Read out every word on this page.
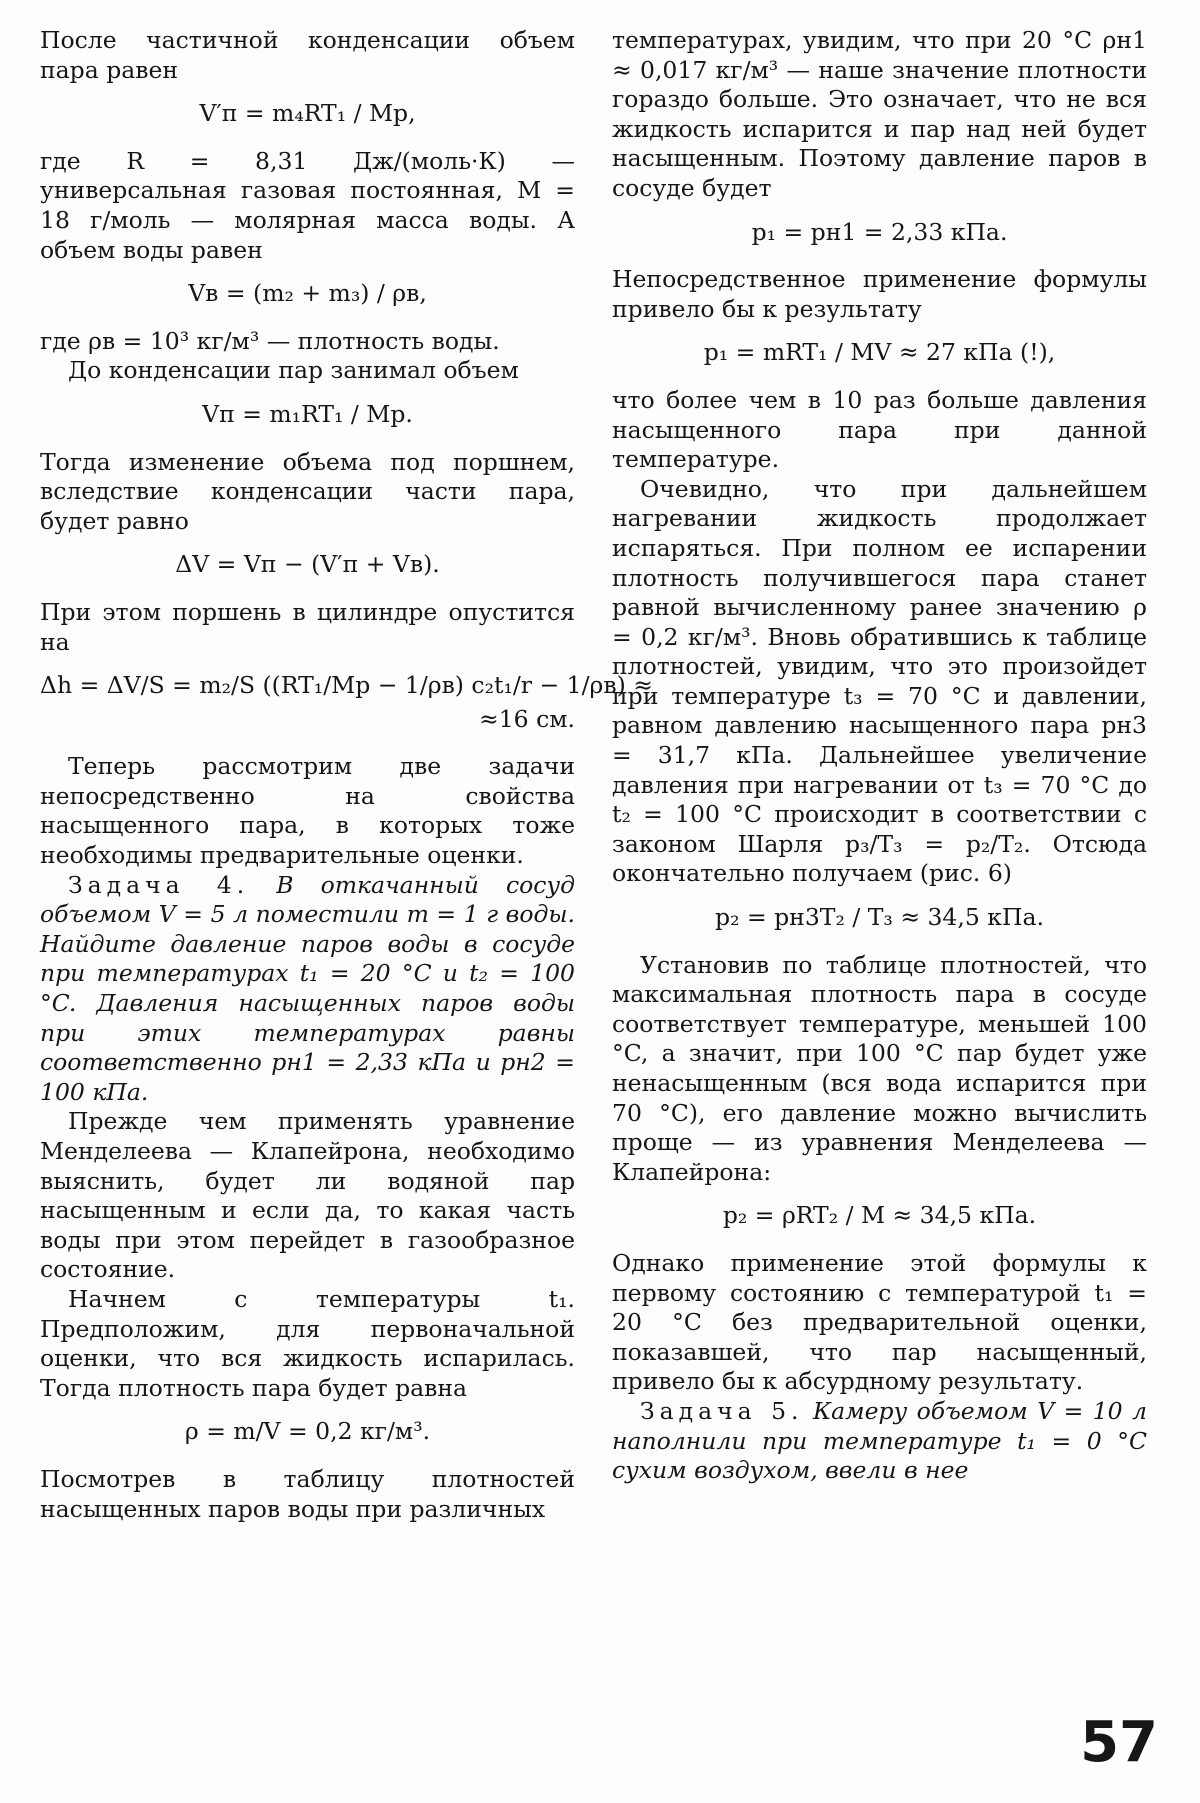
После частичной конденсации объем пара равен

V′п = m₄RT₁ / Mp,

где R = 8,31 Дж/(моль·К) — универсальная газовая постоянная, M = 18 г/моль — молярная масса воды. А объем воды равен

Vв = (m₂ + m₃) / ρв,

где ρв = 10³ кг/м³ — плотность воды.

До конденсации пар занимал объем

Vп = m₁RT₁ / Mp.

Тогда изменение объема под поршнем, вследствие конденсации части пара, будет равно

ΔV = Vп − (V′п + Vв).

При этом поршень в цилиндре опустится на

Δh = ΔV/S = m₂/S ((RT₁/Mp − 1/ρв) c₂t₁/r − 1/ρв) ≈
≈16 см.

Теперь рассмотрим две задачи непосредственно на свойства насыщенного пара, в которых тоже необходимы предварительные оценки.

Задача 4. В откачанный сосуд объемом V = 5 л поместили m = 1 г воды. Найдите давление паров воды в сосуде при температурах t₁ = 20 °C и t₂ = 100 °C. Давления насыщенных паров воды при этих температурах равны соответственно pн1 = 2,33 кПа и pн2 = 100 кПа.

Прежде чем применять уравнение Менделеева — Клапейрона, необходимо выяснить, будет ли водяной пар насыщенным и если да, то какая часть воды при этом перейдет в газообразное состояние.

Начнем с температуры t₁. Предположим, для первоначальной оценки, что вся жидкость испарилась. Тогда плотность пара будет равна

ρ = m/V = 0,2 кг/м³.

Посмотрев в таблицу плотностей насыщенных паров воды при различных

температурах, увидим, что при 20 °C ρн1 ≈ 0,017 кг/м³ — наше значение плотности гораздо больше. Это означает, что не вся жидкость испарится и пар над ней будет насыщенным. Поэтому давление паров в сосуде будет

p₁ = pн1 = 2,33 кПа.

Непосредственное применение формулы привело бы к результату

p₁ = mRT₁ / MV ≈ 27 кПа (!),

что более чем в 10 раз больше давления насыщенного пара при данной температуре.

Очевидно, что при дальнейшем нагревании жидкость продолжает испаряться. При полном ее испарении плотность получившегося пара станет равной вычисленному ранее значению ρ = 0,2 кг/м³. Вновь обратившись к таблице плотностей, увидим, что это произойдет при температуре t₃ = 70 °C и давлении, равном давлению насыщенного пара pн3 = 31,7 кПа. Дальнейшее увеличение давления при нагревании от t₃ = 70 °C до t₂ = 100 °C происходит в соответствии с законом Шарля p₃/T₃ = p₂/T₂. Отсюда окончательно получаем (рис. 6)

p₂ = pн3T₂ / T₃ ≈ 34,5 кПа.

Установив по таблице плотностей, что максимальная плотность пара в сосуде соответствует температуре, меньшей 100 °C, а значит, при 100 °C пар будет уже ненасыщенным (вся вода испарится при 70 °C), его давление можно вычислить проще — из уравнения Менделеева — Клапейрона:

p₂ = ρRT₂ / M ≈ 34,5 кПа.

Однако применение этой формулы к первому состоянию с температурой t₁ = 20 °C без предварительной оценки, показавшей, что пар насыщенный, привело бы к абсурдному результату.

Задача 5. Камеру объемом V = 10 л наполнили при температуре t₁ = 0 °C сухим воздухом, ввели в нее

57
